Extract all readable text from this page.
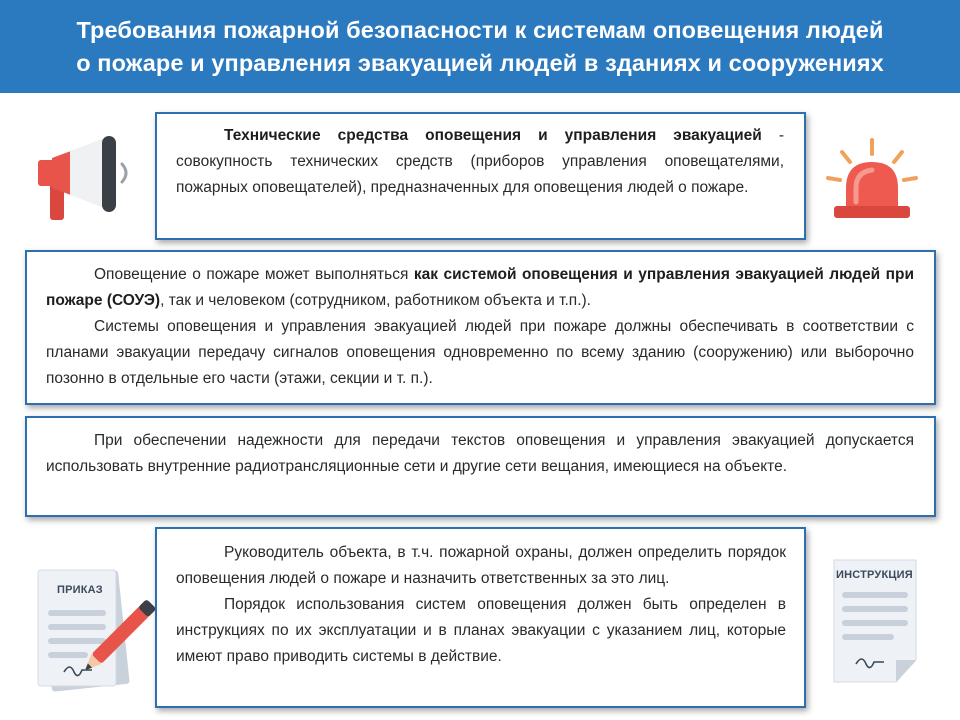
Требования пожарной безопасности к системам оповещения людей
о пожаре и управления эвакуацией людей в зданиях и сооружениях
ПРИКАЗ
ИНСТРУКЦИЯ

Технические средства оповещения и управления эвакуацией - совокупность технических средств (приборов управления оповещателями, пожарных оповещателей), предназначенных для оповещения людей о пожаре.

Оповещение о пожаре может выполняться как системой оповещения и управления эвакуацией людей при пожаре (СОУЭ), так и человеком (сотрудником, работником объекта и т.п.).

Системы оповещения и управления эвакуацией людей при пожаре должны обеспечивать в соответствии с планами эвакуации передачу сигналов оповещения одновременно по всему зданию (сооружению) или выборочно позонно в отдельные его части (этажи, секции и т. п.).

При обеспечении надежности для передачи текстов оповещения и управления эвакуацией допускается использовать внутренние радиотрансляционные сети и другие сети вещания, имеющиеся на объекте.

Руководитель объекта, в т.ч. пожарной охраны, должен определить порядок оповещения людей о пожаре и назначить ответственных за это лиц.

Порядок использования систем оповещения должен быть определен в инструкциях по их эксплуатации и в планах эвакуации с указанием лиц, которые имеют право приводить системы в действие.
